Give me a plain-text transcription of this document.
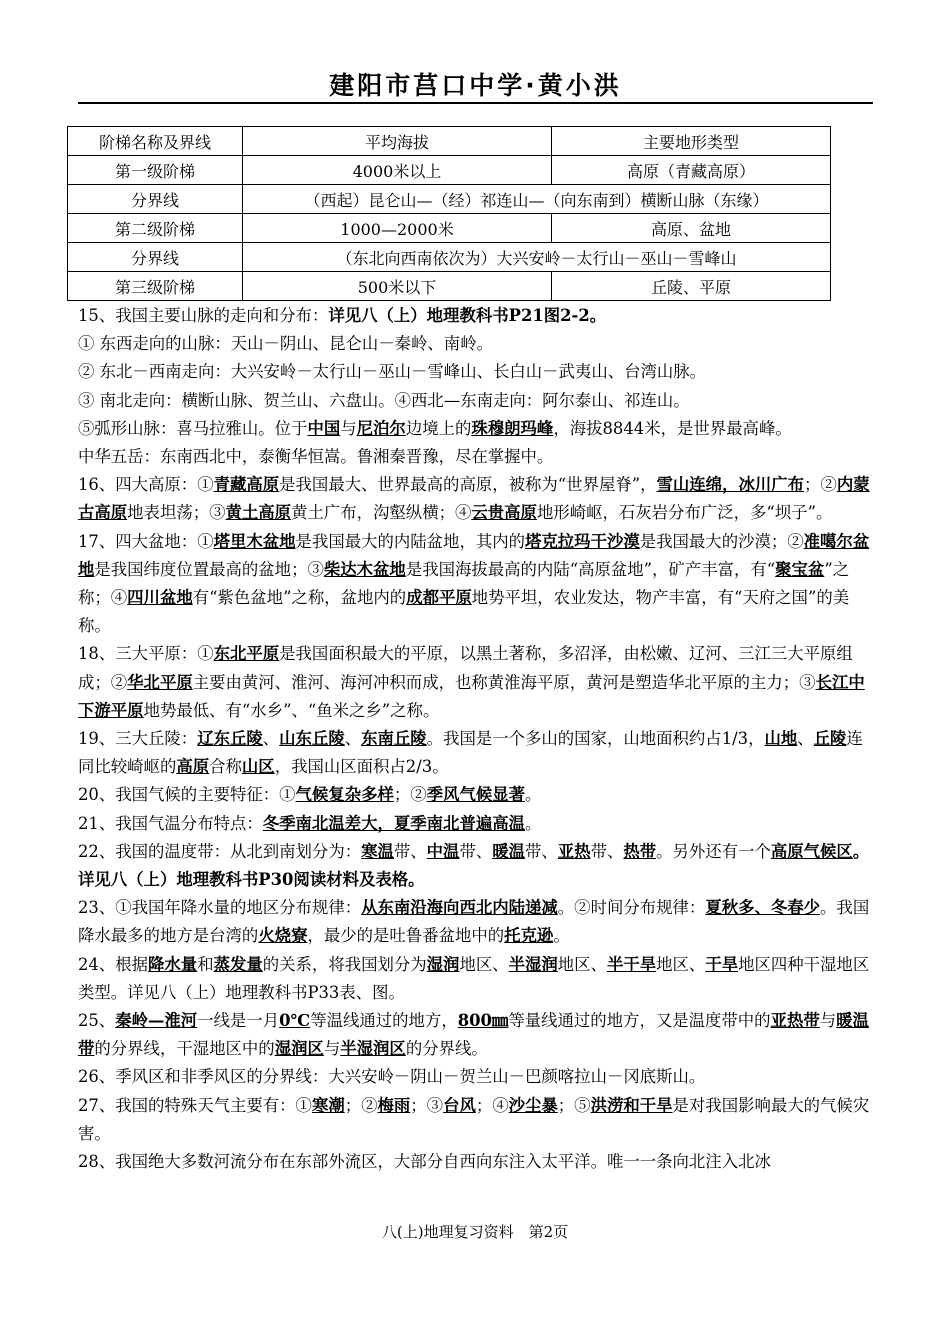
建阳市莒口中学·黄小洪
阶梯名称及界线	平均海拔	主要地形类型
第一级阶梯	4000米以上	高原（青藏高原）
分界线	（西起）昆仑山—（经）祁连山—（向东南到）横断山脉（东缘）	
第二级阶梯	1000—2000米	高原、盆地
分界线	（东北向西南依次为）大兴安岭－太行山－巫山－雪峰山	
第三级阶梯	500米以下	丘陵、平原

15、我国主要山脉的走向和分布：详见八（上）地理教科书P21图2-2。

① 东西走向的山脉：天山－阴山、昆仑山－秦岭、南岭。

② 东北－西南走向：大兴安岭－太行山－巫山－雪峰山、长白山－武夷山、台湾山脉。

③ 南北走向：横断山脉、贺兰山、六盘山。④西北—东南走向：阿尔泰山、祁连山。

⑤弧形山脉：喜马拉雅山。位于中国与尼泊尔边境上的珠穆朗玛峰，海拔8844米，是世界最高峰。

中华五岳：东南西北中，泰衡华恒嵩。鲁湘秦晋豫，尽在掌握中。

16、四大高原：①青藏高原是我国最大、世界最高的高原，被称为“世界屋脊”，雪山连绵，冰川广布；②内蒙古高原地表坦荡；③黄土高原黄土广布，沟壑纵横；④云贵高原地形崎岖，石灰岩分布广泛，多“坝子”。

17、四大盆地：①塔里木盆地是我国最大的内陆盆地，其内的塔克拉玛干沙漠是我国最大的沙漠；②准噶尔盆地是我国纬度位置最高的盆地；③柴达木盆地是我国海拔最高的内陆“高原盆地”，矿产丰富，有“聚宝盆”之称；④四川盆地有“紫色盆地”之称，盆地内的成都平原地势平坦，农业发达，物产丰富，有“天府之国”的美称。

18、三大平原：①东北平原是我国面积最大的平原，以黑土著称，多沼泽，由松嫩、辽河、三江三大平原组成；②华北平原主要由黄河、淮河、海河冲积而成，也称黄淮海平原，黄河是塑造华北平原的主力；③长江中下游平原地势最低、有“水乡”、“鱼米之乡”之称。

19、三大丘陵：辽东丘陵、山东丘陵、东南丘陵。我国是一个多山的国家，山地面积约占1/3，山地、丘陵连同比较崎岖的高原合称山区，我国山区面积占2/3。

20、我国气候的主要特征：①气候复杂多样；②季风气候显著。

21、我国气温分布特点：冬季南北温差大，夏季南北普遍高温。

22、我国的温度带：从北到南划分为：寒温带、中温带、暖温带、亚热带、热带。另外还有一个高原气候区。详见八（上）地理教科书P30阅读材料及表格。

23、①我国年降水量的地区分布规律：从东南沿海向西北内陆递减。②时间分布规律：夏秋多、冬春少。我国降水最多的地方是台湾的火烧寮，最少的是吐鲁番盆地中的托克逊。

24、根据降水量和蒸发量的关系，将我国划分为湿润地区、半湿润地区、半干旱地区、干旱地区四种干湿地区类型。详见八（上）地理教科书P33表、图。

25、秦岭—淮河一线是一月0℃等温线通过的地方，800㎜等量线通过的地方，又是温度带中的亚热带与暖温带的分界线，干湿地区中的湿润区与半湿润区的分界线。

26、季风区和非季风区的分界线：大兴安岭－阴山－贺兰山－巴颜喀拉山－冈底斯山。

27、我国的特殊天气主要有：①寒潮；②梅雨；③台风；④沙尘暴；⑤洪涝和干旱是对我国影响最大的气候灾害。

28、我国绝大多数河流分布在东部外流区，大部分自西向东注入太平洋。唯一一条向北注入北冰

八(上)地理复习资料　第2页
